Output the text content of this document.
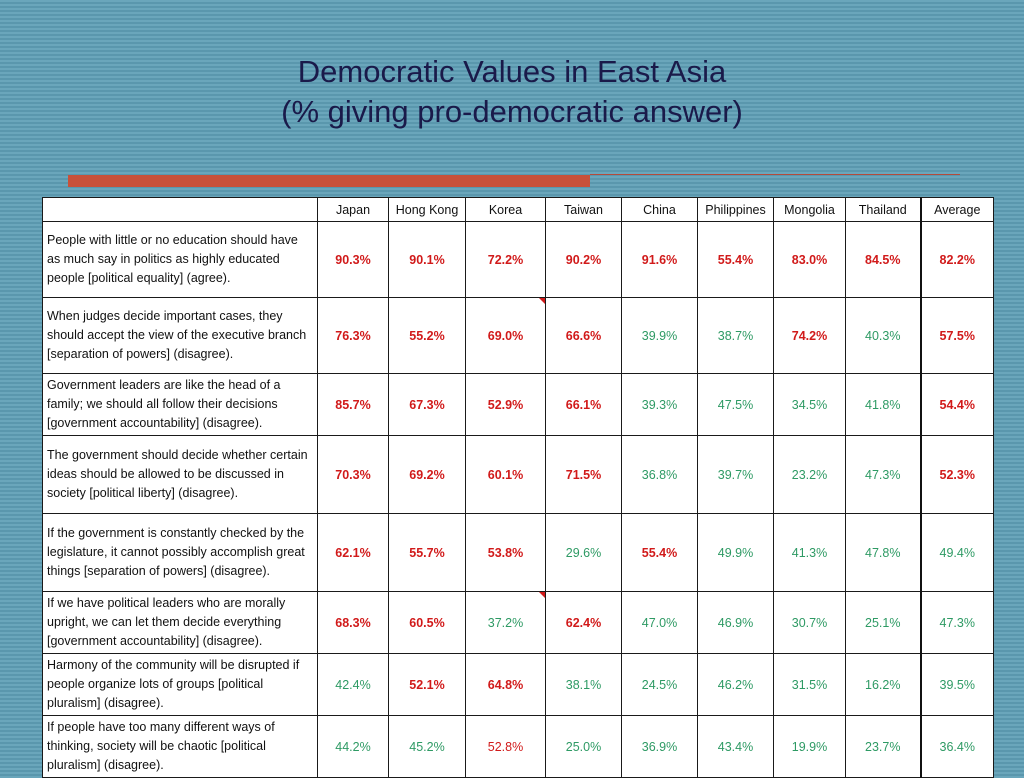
Democratic Values in East Asia
(% giving pro-democratic answer)
	Japan	Hong Kong	Korea	Taiwan	China	Philippines	Mongolia	Thailand	Average
People with little or no education should have as much say in politics as highly educated people [political equality] (agree).	90.3%	90.1%	72.2%	90.2%	91.6%	55.4%	83.0%	84.5%	82.2%
When judges decide important cases, they should accept the view of the executive branch [separation of powers] (disagree).	76.3%	55.2%	69.0%	66.6%	39.9%	38.7%	74.2%	40.3%	57.5%
Government leaders are like the head of a family; we should all follow their decisions [government accountability] (disagree).	85.7%	67.3%	52.9%	66.1%	39.3%	47.5%	34.5%	41.8%	54.4%
The government should decide whether certain ideas should be allowed to be discussed in society [political liberty] (disagree).	70.3%	69.2%	60.1%	71.5%	36.8%	39.7%	23.2%	47.3%	52.3%
If the government is constantly checked by the legislature, it cannot possibly accomplish great things [separation of powers] (disagree).	62.1%	55.7%	53.8%	29.6%	55.4%	49.9%	41.3%	47.8%	49.4%
If we have political leaders who are morally upright, we can let them decide everything [government accountability] (disagree).	68.3%	60.5%	37.2%	62.4%	47.0%	46.9%	30.7%	25.1%	47.3%
Harmony of the community will be disrupted if people organize lots of groups [political pluralism] (disagree).	42.4%	52.1%	64.8%	38.1%	24.5%	46.2%	31.5%	16.2%	39.5%
If people have too many different ways of thinking, society will be chaotic [political pluralism] (disagree).	44.2%	45.2%	52.8%	25.0%	36.9%	43.4%	19.9%	23.7%	36.4%
